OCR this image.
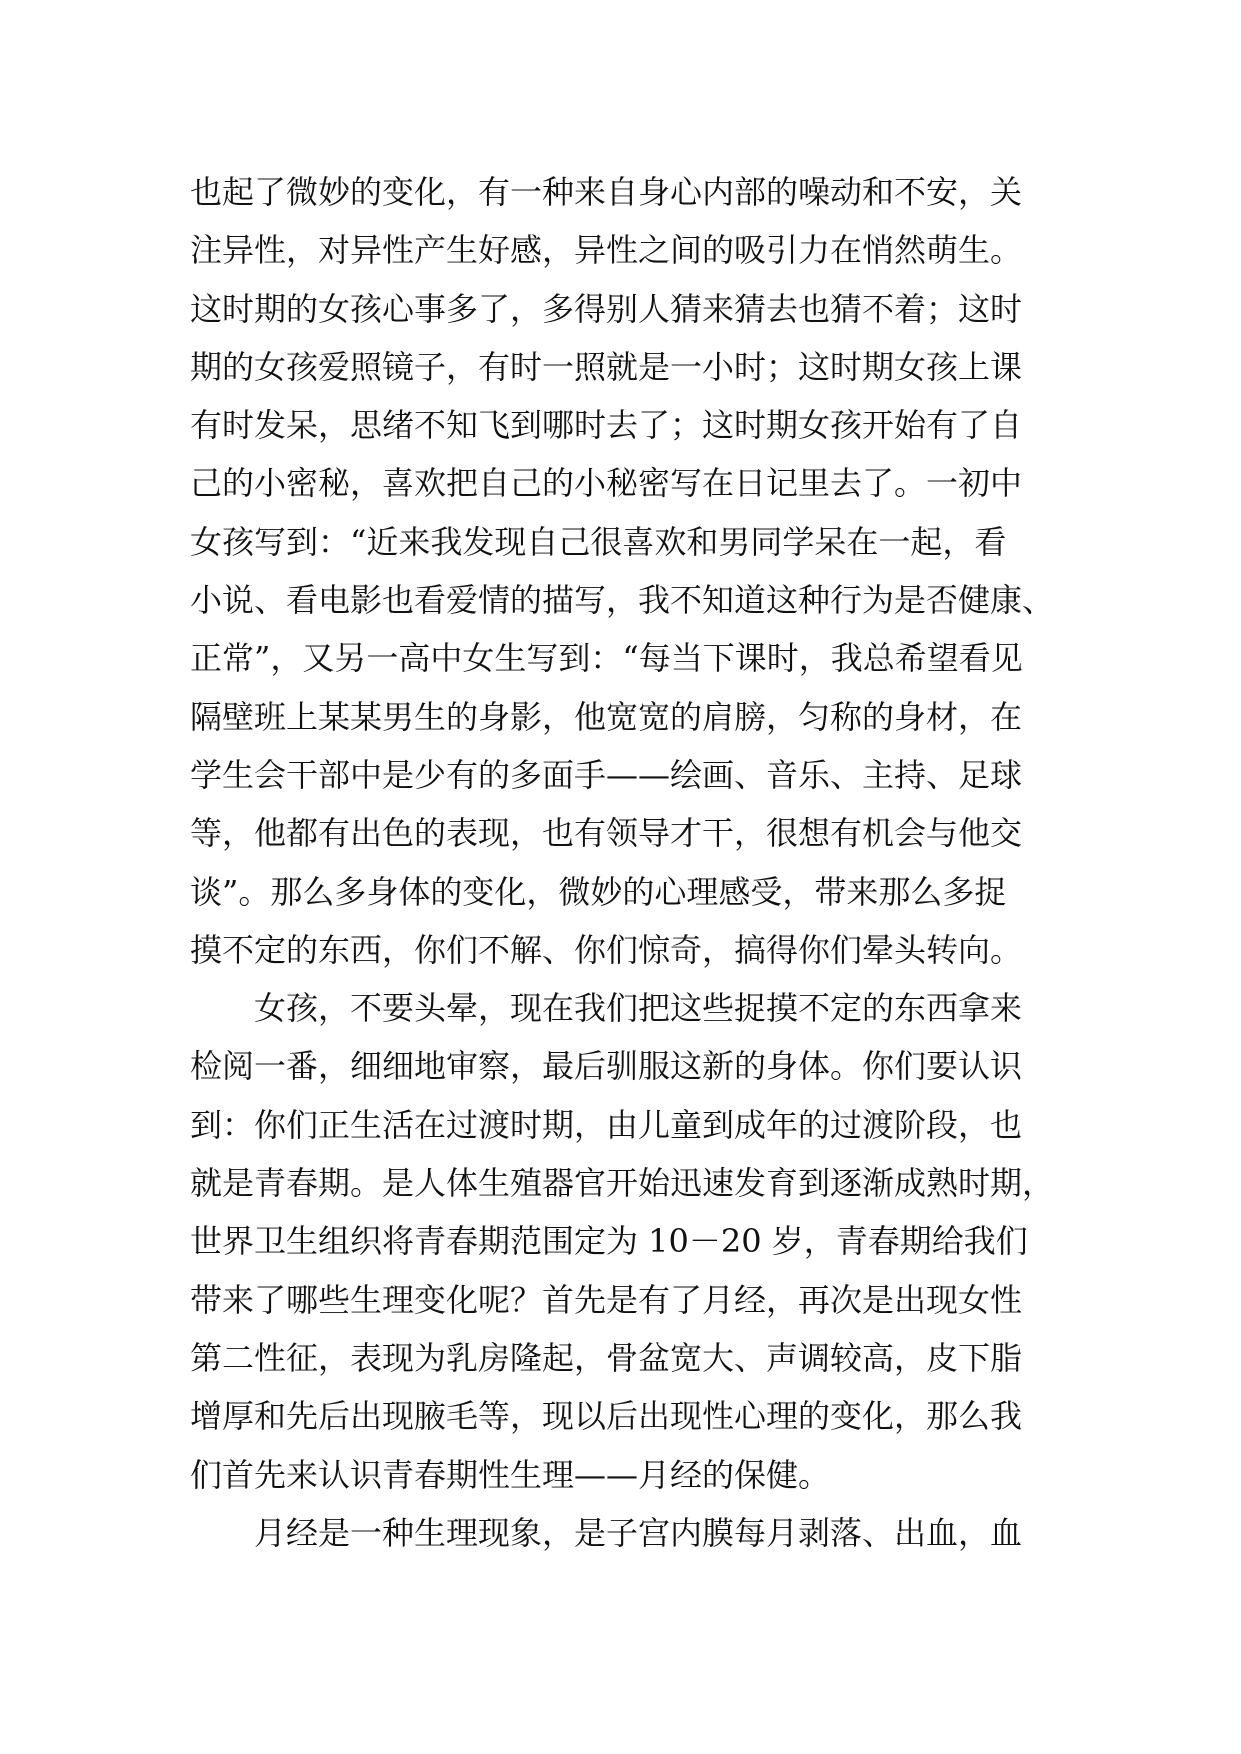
也起了微妙的变化，有一种来自身心内部的噪动和不安，关
注异性，对异性产生好感，异性之间的吸引力在悄然萌生。
这时期的女孩心事多了，多得别人猜来猜去也猜不着；这时
期的女孩爱照镜子，有时一照就是一小时；这时期女孩上课
有时发呆，思绪不知飞到哪时去了；这时期女孩开始有了自
己的小密秘，喜欢把自己的小秘密写在日记里去了。一初中
女孩写到：“近来我发现自己很喜欢和男同学呆在一起，看
小说、看电影也看爱情的描写，我不知道这种行为是否健康、
正常”，又另一高中女生写到：“每当下课时，我总希望看见
隔壁班上某某男生的身影，他宽宽的肩膀，匀称的身材，在
学生会干部中是少有的多面手——绘画、音乐、主持、足球
等，他都有出色的表现，也有领导才干，很想有机会与他交
谈”。那么多身体的变化，微妙的心理感受，带来那么多捉
摸不定的东西，你们不解、你们惊奇，搞得你们晕头转向。
　　女孩，不要头晕，现在我们把这些捉摸不定的东西拿来
检阅一番，细细地审察，最后驯服这新的身体。你们要认识
到：你们正生活在过渡时期，由儿童到成年的过渡阶段，也
就是青春期。是人体生殖器官开始迅速发育到逐渐成熟时期，
世界卫生组织将青春期范围定为 10－20 岁，青春期给我们
带来了哪些生理变化呢？首先是有了月经，再次是出现女性
第二性征，表现为乳房隆起，骨盆宽大、声调较高，皮下脂
增厚和先后出现腋毛等，现以后出现性心理的变化，那么我
们首先来认识青春期性生理——月经的保健。
　　月经是一种生理现象，是子宫内膜每月剥落、出血，血
